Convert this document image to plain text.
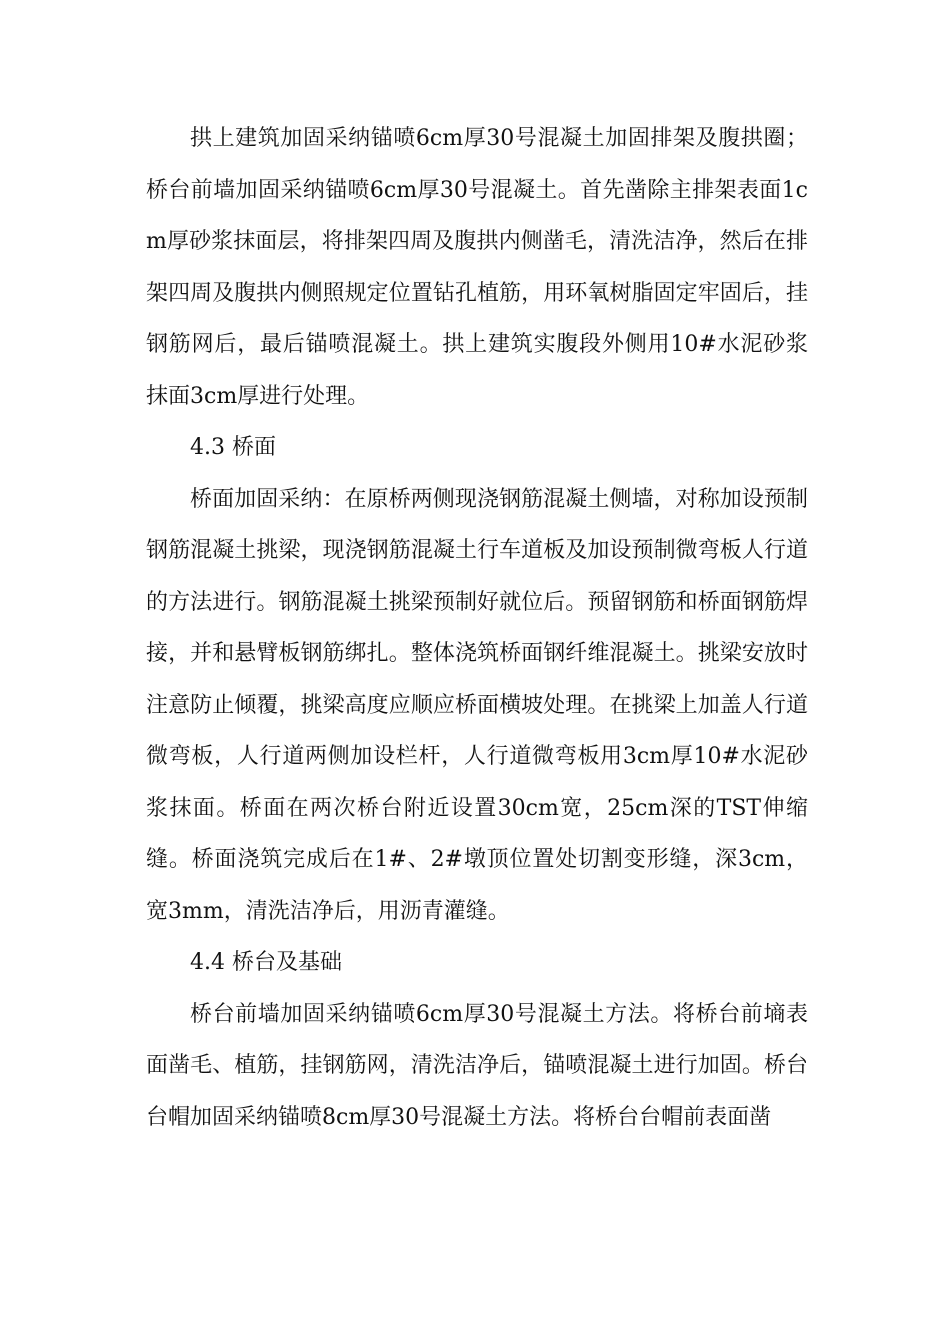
拱上建筑加固采纳锚喷6cm厚30号混凝土加固排架及腹拱圈；桥台前墙加固采纳锚喷6cm厚30号混凝土。首先凿除主排架表面1cm厚砂浆抹面层，将排架四周及腹拱内侧凿毛，清洗洁净，然后在排架四周及腹拱内侧照规定位置钻孔植筋，用环氧树脂固定牢固后，挂钢筋网后，最后锚喷混凝土。拱上建筑实腹段外侧用10#水泥砂浆抹面3cm厚进行处理。

4.3 桥面

桥面加固采纳：在原桥两侧现浇钢筋混凝土侧墙，对称加设预制钢筋混凝土挑梁，现浇钢筋混凝土行车道板及加设预制微弯板人行道的方法进行。钢筋混凝土挑梁预制好就位后。预留钢筋和桥面钢筋焊接，并和悬臂板钢筋绑扎。整体浇筑桥面钢纤维混凝土。挑梁安放时注意防止倾覆，挑梁高度应顺应桥面横坡处理。在挑梁上加盖人行道微弯板，人行道两侧加设栏杆，人行道微弯板用3cm厚10#水泥砂浆抹面。桥面在两次桥台附近设置30cm宽，25cm深的TST伸缩缝。桥面浇筑完成后在1#、2#墩顶位置处切割变形缝，深3cm，宽3mm，清洗洁净后，用沥青灌缝。

4.4 桥台及基础

桥台前墙加固采纳锚喷6cm厚30号混凝土方法。将桥台前墒表面凿毛、植筋，挂钢筋网，清洗洁净后，锚喷混凝土进行加固。桥台台帽加固采纳锚喷8cm厚30号混凝土方法。将桥台台帽前表面凿
